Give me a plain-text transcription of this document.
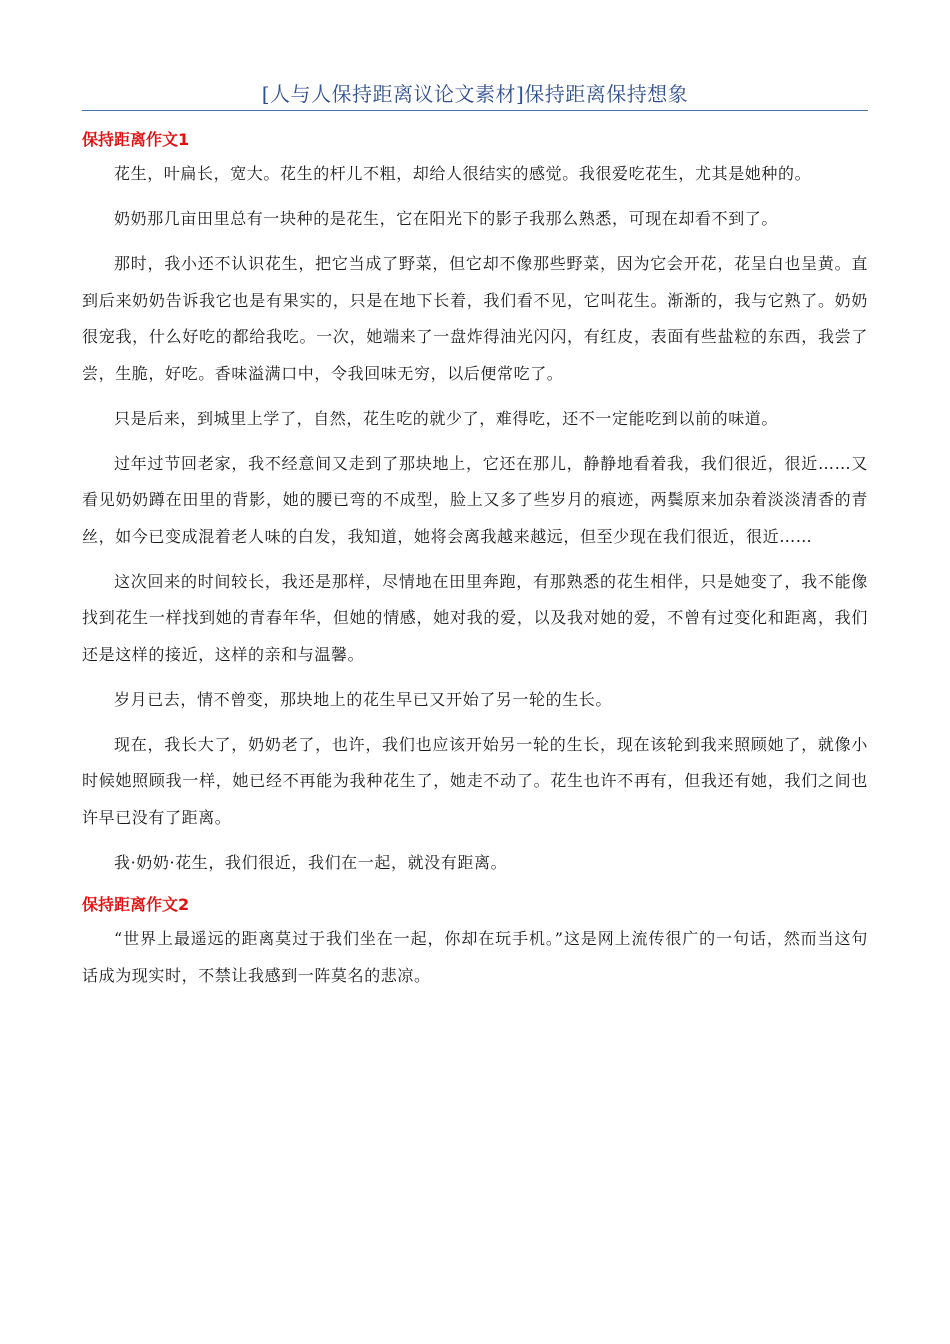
[人与人保持距离议论文素材]保持距离保持想象
保持距离作文1

花生，叶扁长，宽大。花生的杆儿不粗，却给人很结实的感觉。我很爱吃花生，尤其是她种的。

奶奶那几亩田里总有一块种的是花生，它在阳光下的影子我那么熟悉，可现在却看不到了。

那时，我小还不认识花生，把它当成了野菜，但它却不像那些野菜，因为它会开花，花呈白也呈黄。直到后来奶奶告诉我它也是有果实的，只是在地下长着，我们看不见，它叫花生。渐渐的，我与它熟了。奶奶很宠我，什么好吃的都给我吃。一次，她端来了一盘炸得油光闪闪，有红皮，表面有些盐粒的东西，我尝了尝，生脆，好吃。香味溢满口中，令我回味无穷，以后便常吃了。

只是后来，到城里上学了，自然，花生吃的就少了，难得吃，还不一定能吃到以前的味道。

过年过节回老家，我不经意间又走到了那块地上，它还在那儿，静静地看着我，我们很近，很近……又看见奶奶蹲在田里的背影，她的腰已弯的不成型，脸上又多了些岁月的痕迹，两鬓原来加杂着淡淡清香的青丝，如今已变成混着老人味的白发，我知道，她将会离我越来越远，但至少现在我们很近，很近……

这次回来的时间较长，我还是那样，尽情地在田里奔跑，有那熟悉的花生相伴，只是她变了，我不能像找到花生一样找到她的青春年华，但她的情感，她对我的爱，以及我对她的爱，不曾有过变化和距离，我们还是这样的接近，这样的亲和与温馨。

岁月已去，情不曾变，那块地上的花生早已又开始了另一轮的生长。

现在，我长大了，奶奶老了，也许，我们也应该开始另一轮的生长，现在该轮到我来照顾她了，就像小时候她照顾我一样，她已经不再能为我种花生了，她走不动了。花生也许不再有，但我还有她，我们之间也许早已没有了距离。

我·奶奶·花生，我们很近，我们在一起，就没有距离。

保持距离作文2

“世界上最遥远的距离莫过于我们坐在一起，你却在玩手机。”这是网上流传很广的一句话，然而当这句话成为现实时，不禁让我感到一阵莫名的悲凉。
